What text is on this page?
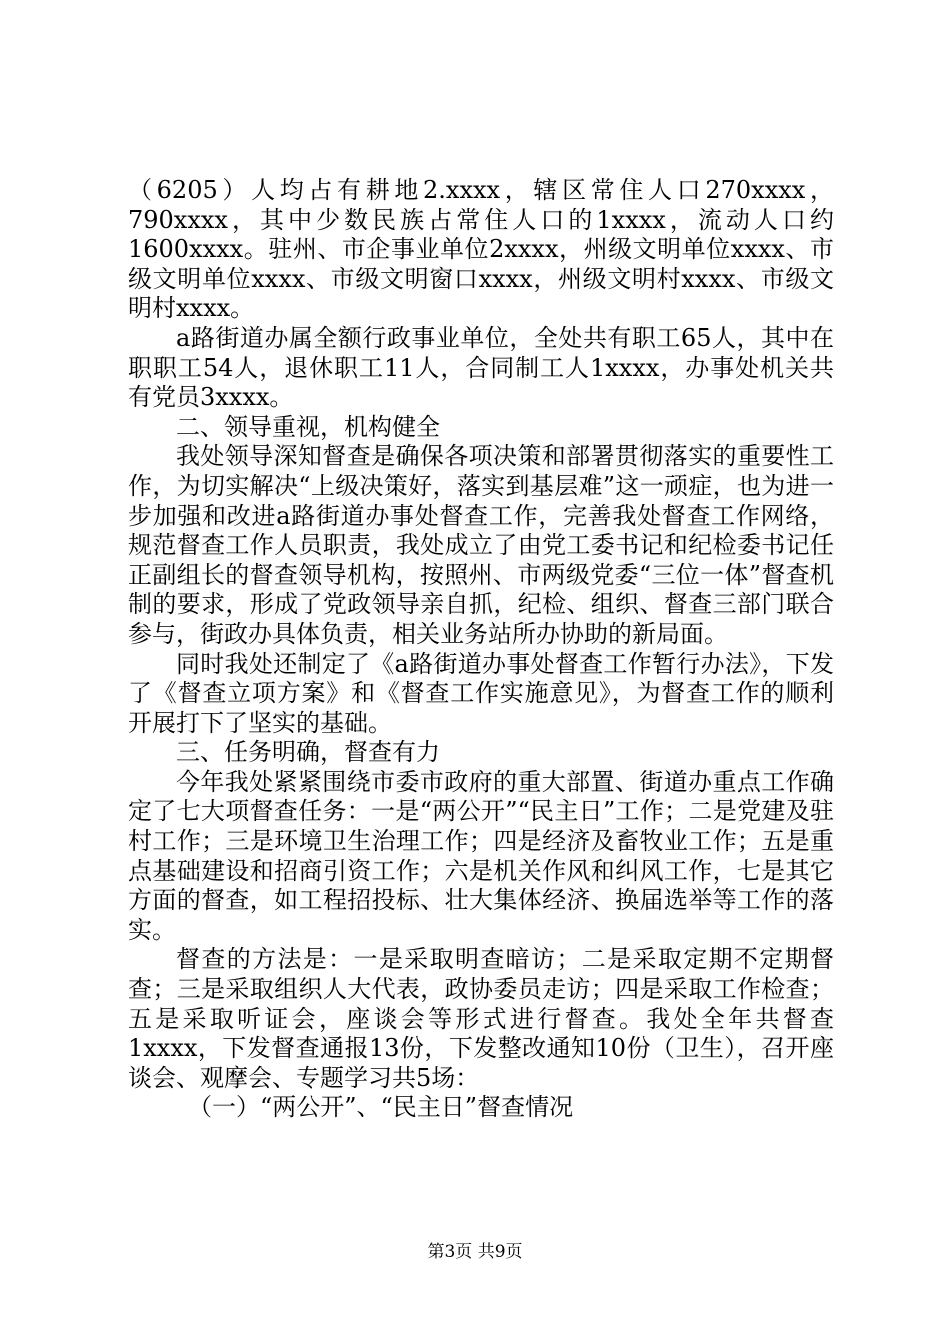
（6205）人均占有耕地2.xxxx，辖区常住人口270xxxx，790xxxx，其中少数民族占常住人口的1xxxx，流动人口约1600xxxx。驻州、市企事业单位2xxxx，州级文明单位xxxx、市级文明单位xxxx、市级文明窗口xxxx，州级文明村xxxx、市级文明村xxxx。

a路街道办属全额行政事业单位，全处共有职工65人，其中在职职工54人，退休职工11人，合同制工人1xxxx，办事处机关共有党员3xxxx。

二、领导重视，机构健全

我处领导深知督查是确保各项决策和部署贯彻落实的重要性工作，为切实解决“上级决策好，落实到基层难”这一顽症，也为进一步加强和改进a路街道办事处督查工作，完善我处督查工作网络，规范督查工作人员职责，我处成立了由党工委书记和纪检委书记任正副组长的督查领导机构，按照州、市两级党委“三位一体”督查机制的要求，形成了党政领导亲自抓，纪检、组织、督查三部门联合参与，街政办具体负责，相关业务站所办协助的新局面。

同时我处还制定了《a路街道办事处督查工作暂行办法》，下发了《督查立项方案》和《督查工作实施意见》，为督查工作的顺利开展打下了坚实的基础。

三、任务明确，督查有力

今年我处紧紧围绕市委市政府的重大部置、街道办重点工作确定了七大项督查任务：一是“两公开”“民主日”工作；二是党建及驻村工作；三是环境卫生治理工作；四是经济及畜牧业工作；五是重点基础建设和招商引资工作；六是机关作风和纠风工作，七是其它方面的督查，如工程招投标、壮大集体经济、换届选举等工作的落实。

督查的方法是：一是采取明查暗访；二是采取定期不定期督查；三是采取组织人大代表，政协委员走访；四是采取工作检查；五是采取听证会，座谈会等形式进行督查。我处全年共督查1xxxx，下发督查通报13份，下发整改通知10份（卫生），召开座谈会、观摩会、专题学习共5场：

（一）“两公开”、“民主日”督查情况

第3页 共9页
